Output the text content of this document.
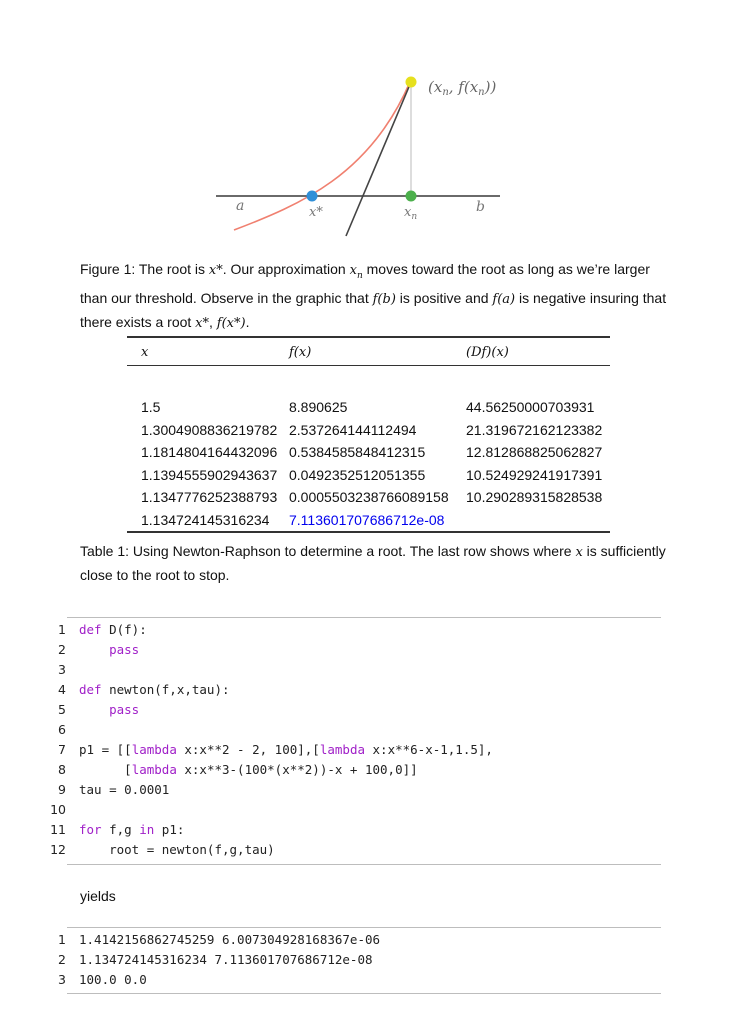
($x_n$, $f(x_n)$)
a	x*	$x_n$
b
Figure 1: The root is x*. Our approximation $x_n$ moves toward the root as long as we’re larger
than our threshold. Observe in the graphic that f(b) is positive and f(a) is negative insuring that
there exists a root x*, f(x*).
x	f(x)	(Df)(x)
1.5	8.890625	44.56250000703931
1.3004908836219782 2.537264144112494	21.319672162123382
1.1814804164432096 0.5384585848412315	12.812868825062827
1.1394555902943637 0.0492352512051355	10.524929241917391
1.1347776252388793 0.0005503238766089158 10.290289315828538
1.134724145316234 7.113601707686712e-08
Table 1: Using Newton-Raphson to determine a root. The last row shows where x is sufficiently
close to the root to stop.
1 def D(f):
2	pass
3
4 def newton(f,x,tau):
5	pass
6
7 p1 = [[lambda x:x**2 - 2, 100],[lambda x:x**6-x-1,1.5],
8 [lambda x:x**3-(100*(x**2))-x + 100,0]]
9 tau = 0.0001
10
11 for f,g in p1:
12 root = newton(f,g,tau)
yields
1 1.4142156862745259 6.007304928168367e-06
2 1.134724145316234 7.113601707686712e-08
3 100.0 0.0
